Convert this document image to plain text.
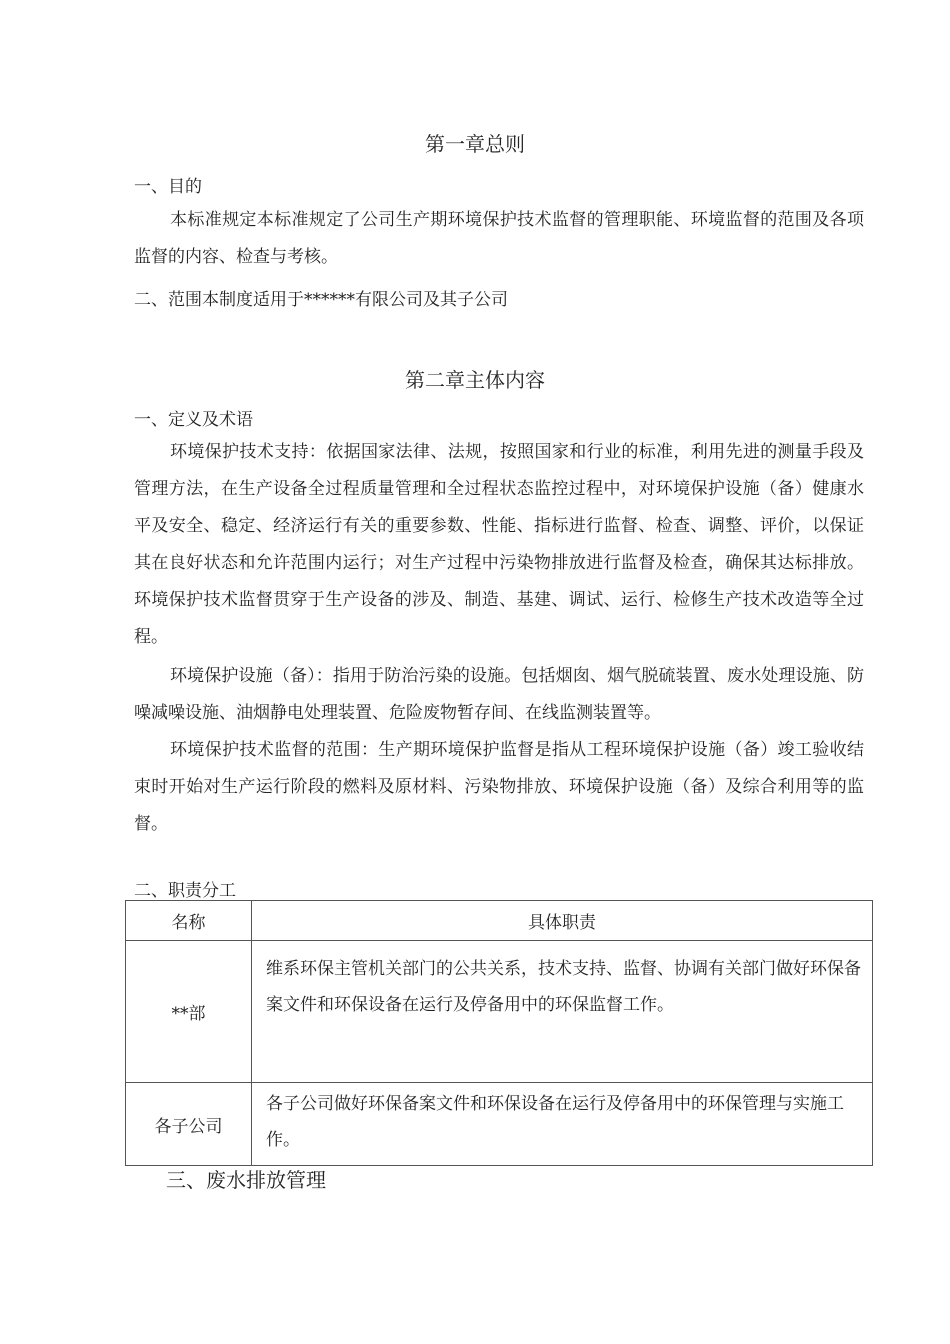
第一章总则
一、目的

本标准规定本标准规定了公司生产期环境保护技术监督的管理职能、环境监督的范围及各项监督的内容、检查与考核。

二、范围本制度适用于******有限公司及其子公司
第二章主体内容
一、定义及术语

环境保护技术支持：依据国家法律、法规，按照国家和行业的标准，利用先进的测量手段及管理方法，在生产设备全过程质量管理和全过程状态监控过程中，对环境保护设施（备）健康水平及安全、稳定、经济运行有关的重要参数、性能、指标进行监督、检查、调整、评价，以保证其在良好状态和允许范围内运行；对生产过程中污染物排放进行监督及检查，确保其达标排放。环境保护技术监督贯穿于生产设备的涉及、制造、基建、调试、运行、检修生产技术改造等全过程。

环境保护设施（备）：指用于防治污染的设施。包括烟囱、烟气脱硫装置、废水处理设施、防噪减噪设施、油烟静电处理装置、危险废物暂存间、在线监测装置等。

环境保护技术监督的范围：生产期环境保护监督是指从工程环境保护设施（备）竣工验收结束时开始对生产运行阶段的燃料及原材料、污染物排放、环境保护设施（备）及综合利用等的监督。

二、职责分工
名称	具体职责
**部	维系环保主管机关部门的公共关系，技术支持、监督、协调有关部门做好环保备案文件和环保设备在运行及停备用中的环保监督工作。
各子公司	各子公司做好环保备案文件和环保设备在运行及停备用中的环保管理与实施工作。
三、废水排放管理
